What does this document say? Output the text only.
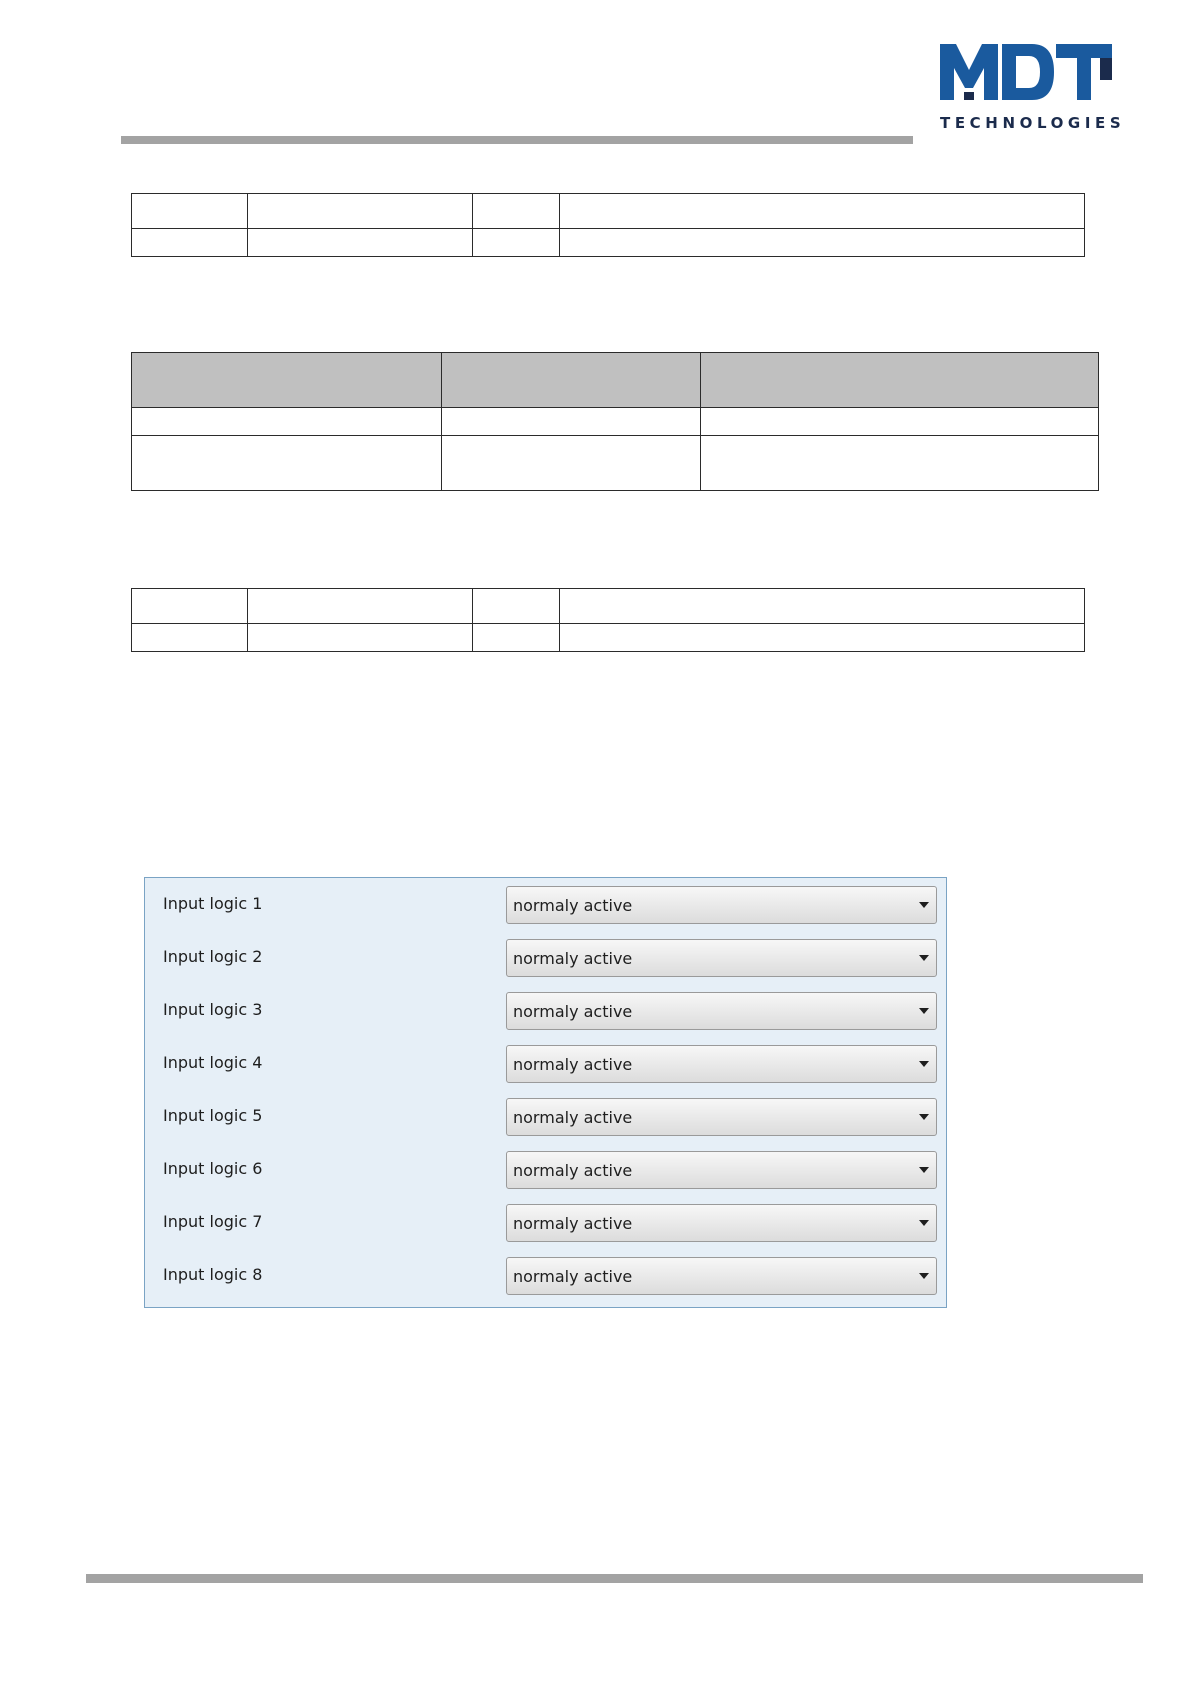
TECHNOLOGIES

Input logic 1	normaly active
Input logic 2	normaly active
Input logic 3	normaly active
Input logic 4	normaly active
Input logic 5	normaly active
Input logic 6	normaly active
Input logic 7	normaly active
Input logic 8	normaly active
